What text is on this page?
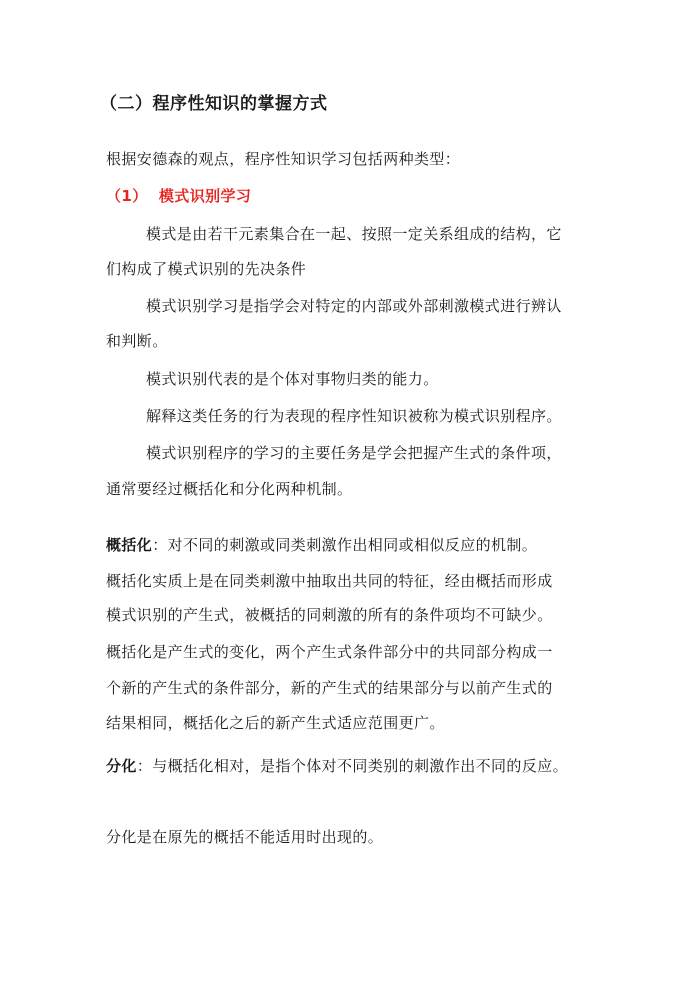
（二）程序性知识的掌握方式
根据安德森的观点，程序性知识学习包括两种类型：
（1） 模式识别学习
模式是由若干元素集合在一起、按照一定关系组成的结构，它
们构成了模式识别的先决条件
模式识别学习是指学会对特定的内部或外部刺激模式进行辨认
和判断。
模式识别代表的是个体对事物归类的能力。
解释这类任务的行为表现的程序性知识被称为模式识别程序。
模式识别程序的学习的主要任务是学会把握产生式的条件项，
通常要经过概括化和分化两种机制。
概括化：对不同的刺激或同类刺激作出相同或相似反应的机制。
概括化实质上是在同类刺激中抽取出共同的特征，经由概括而形成
模式识别的产生式，被概括的同刺激的所有的条件项均不可缺少。
概括化是产生式的变化，两个产生式条件部分中的共同部分构成一
个新的产生式的条件部分，新的产生式的结果部分与以前产生式的
结果相同，概括化之后的新产生式适应范围更广。
分化：与概括化相对，是指个体对不同类别的刺激作出不同的反应。
分化是在原先的概括不能适用时出现的。
